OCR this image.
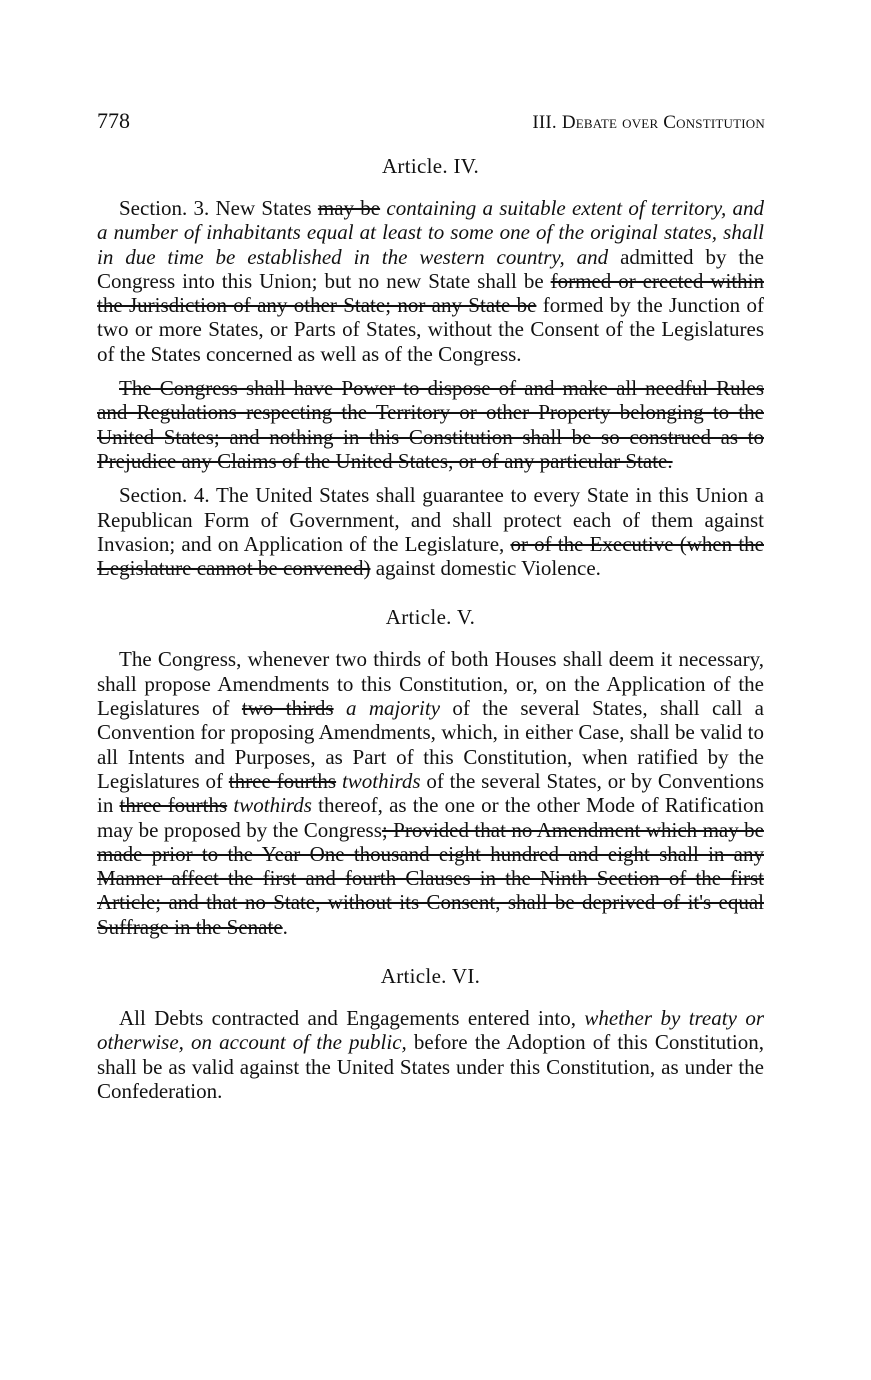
778	III. Debate over Constitution
Article. IV.

Section. 3. New States may be containing a suitable extent of territory, and a number of inhabitants equal at least to some one of the original states, shall in due time be established in the western country, and admitted by the Congress into this Union; but no new State shall be formed or erected within the Jurisdiction of any other State; nor any State be formed by the Junction of two or more States, or Parts of States, without the Consent of the Legislatures of the States concerned as well as of the Congress.

The Congress shall have Power to dispose of and make all needful Rules and Regulations respecting the Territory or other Property belonging to the United States; and nothing in this Constitution shall be so construed as to Prejudice any Claims of the United States, or of any particular State.

Section. 4. The United States shall guarantee to every State in this Union a Republican Form of Government, and shall protect each of them against Invasion; and on Application of the Legislature, or of the Executive (when the Legislature cannot be convened) against domestic Violence.

Article. V.

The Congress, whenever two thirds of both Houses shall deem it necessary, shall propose Amendments to this Constitution, or, on the Application of the Legislatures of two thirds a majority of the several States, shall call a Convention for proposing Amendments, which, in either Case, shall be valid to all Intents and Purposes, as Part of this Constitution, when ratified by the Legislatures of three fourths twothirds of the several States, or by Conventions in three fourths twothirds thereof, as the one or the other Mode of Ratification may be proposed by the Congress; Provided that no Amendment which may be made prior to the Year One thousand eight hundred and eight shall in any Manner affect the first and fourth Clauses in the Ninth Section of the first Article; and that no State, without its Consent, shall be deprived of it's equal Suffrage in the Senate.

Article. VI.

All Debts contracted and Engagements entered into, whether by treaty or otherwise, on account of the public, before the Adoption of this Constitution, shall be as valid against the United States under this Constitution, as under the Confederation.
